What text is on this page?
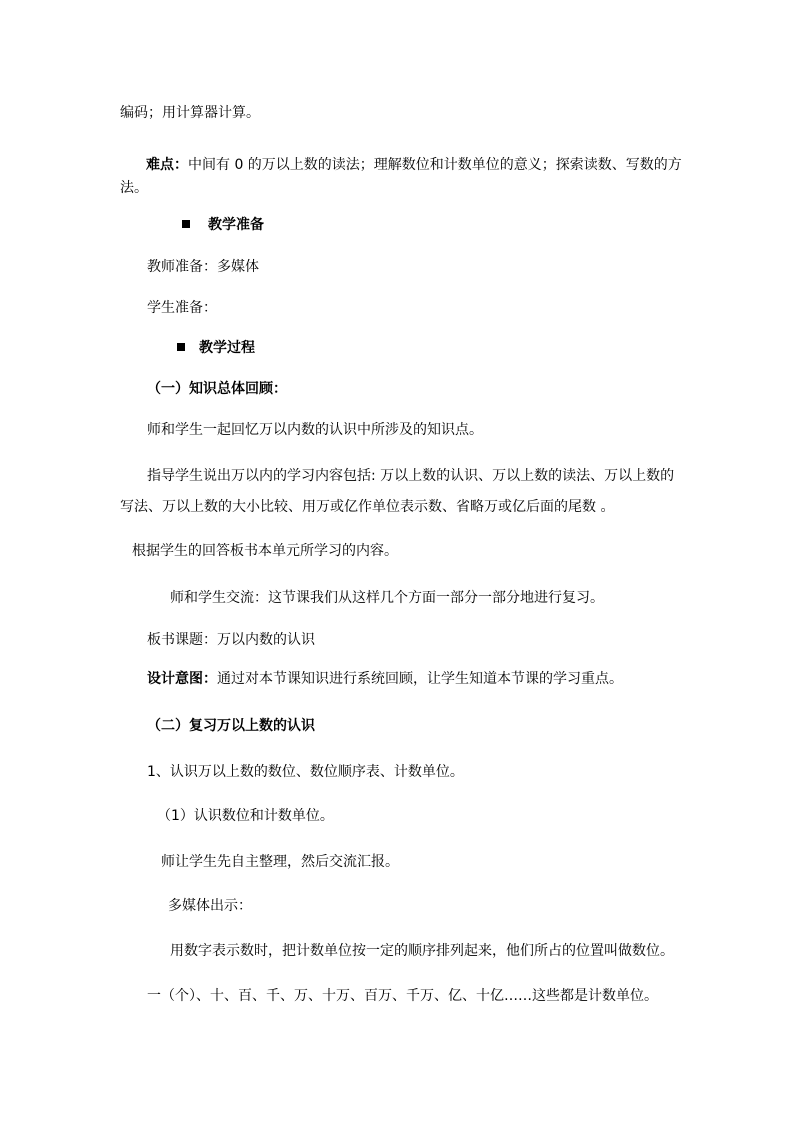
编码；用计算器计算。
难点：中间有 0 的万以上数的读法；理解数位和计数单位的意义；探索读数、写数的方
法。
教学准备
教师准备：多媒体
学生准备：
教学过程
（一）知识总体回顾：
师和学生一起回忆万以内数的认识中所涉及的知识点。
指导学生说出万以内的学习内容包括: 万以上数的认识、万以上数的读法、万以上数的
写法、万以上数的大小比较、用万或亿作单位表示数、省略万或亿后面的尾数 。
根据学生的回答板书本单元所学习的内容。
师和学生交流：这节课我们从这样几个方面一部分一部分地进行复习。
板书课题：万以内数的认识
设计意图：通过对本节课知识进行系统回顾，让学生知道本节课的学习重点。
（二）复习万以上数的认识
1、认识万以上数的数位、数位顺序表、计数单位。
（1）认识数位和计数单位。
师让学生先自主整理，然后交流汇报。
多媒体出示：
用数字表示数时，把计数单位按一定的顺序排列起来，他们所占的位置叫做数位。
一（个）、十、百、千、万、十万、百万、千万、亿、十亿……这些都是计数单位。
